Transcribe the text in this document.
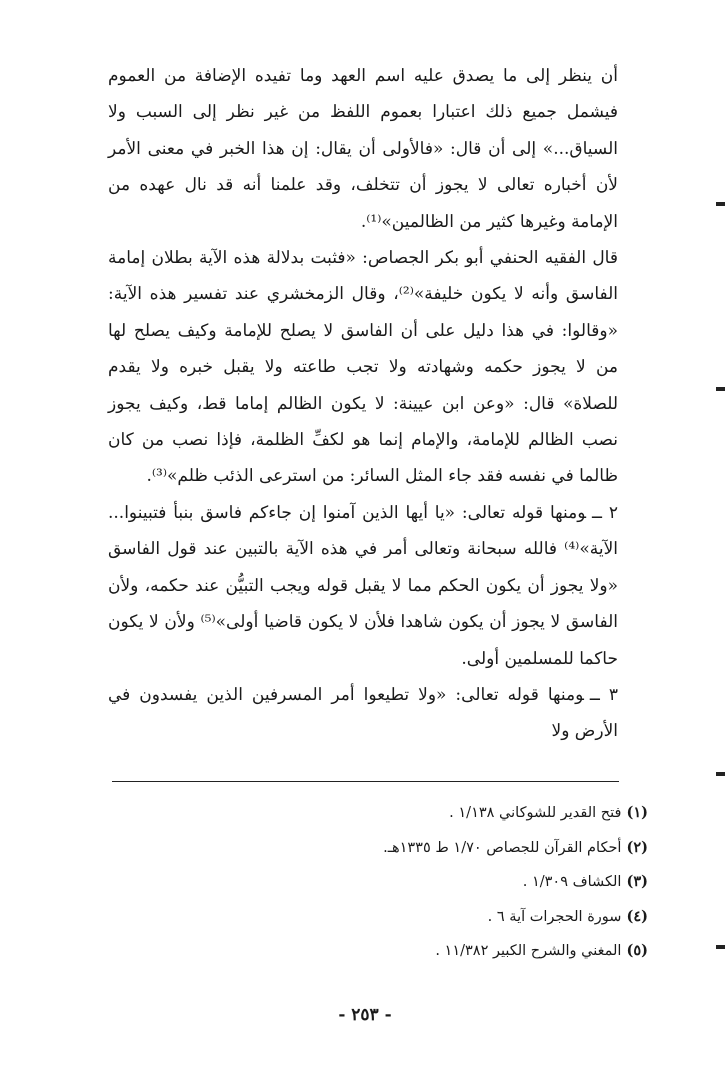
أن ينظر إلى ما يصدق عليه اسم العهد وما تفيده الإضافة من العموم فيشمل جميع ذلك اعتبارا بعموم اللفظ من غير نظر إلى السبب ولا السياق...» إلى أن قال: «فالأولى أن يقال: إن هذا الخبر في معنى الأمر لأن أخباره تعالى لا يجوز أن تتخلف، وقد علمنا أنه قد نال عهده من الإمامة وغيرها كثير من الظالمين»⁽¹⁾.

قال الفقيه الحنفي أبو بكر الجصاص: «فثبت بدلالة هذه الآية بطلان إمامة الفاسق وأنه لا يكون خليفة»⁽²⁾، وقال الزمخشري عند تفسير هذه الآية: «وقالوا: في هذا دليل على أن الفاسق لا يصلح للإمامة وكيف يصلح لها من لا يجوز حكمه وشهادته ولا تجب طاعته ولا يقبل خبره ولا يقدم للصلاة» قال: «وعن ابن عيينة: لا يكون الظالم إماما قط، وكيف يجوز نصب الظالم للإمامة، والإمام إنما هو لكفِّ الظلمة، فإذا نصب من كان ظالما في نفسه فقد جاء المثل السائر: من استرعى الذئب ظلم»⁽³⁾.

٢ ــومنها قوله تعالى: «يا أيها الذين آمنوا إن جاءكم فاسق بنبأ فتبينوا... الآية»⁽⁴⁾ فالله سبحانة وتعالى أمر في هذه الآية بالتبين عند قول الفاسق «ولا يجوز أن يكون الحكم مما لا يقبل قوله ويجب التبيُّن عند حكمه، ولأن الفاسق لا يجوز أن يكون شاهدا فلأن لا يكون قاضيا أولى»⁽⁵⁾ ولأن لا يكون حاكما للمسلمين أولى.

٣ ــومنها قوله تعالى: «ولا تطيعوا أمر المسرفين الذين يفسدون في الأرض ولا

(١)فتح القدير للشوكاني ١/١٣٨ .
(٢)أحكام القرآن للجصاص ١/٧٠ ط ١٣٣٥هـ.
(٣)الكشاف ١/٣٠٩ .
(٤)سورة الحجرات آية ٦ .
(٥)المغني والشرح الكبير ١١/٣٨٢ .
- ٢٥٣ -
